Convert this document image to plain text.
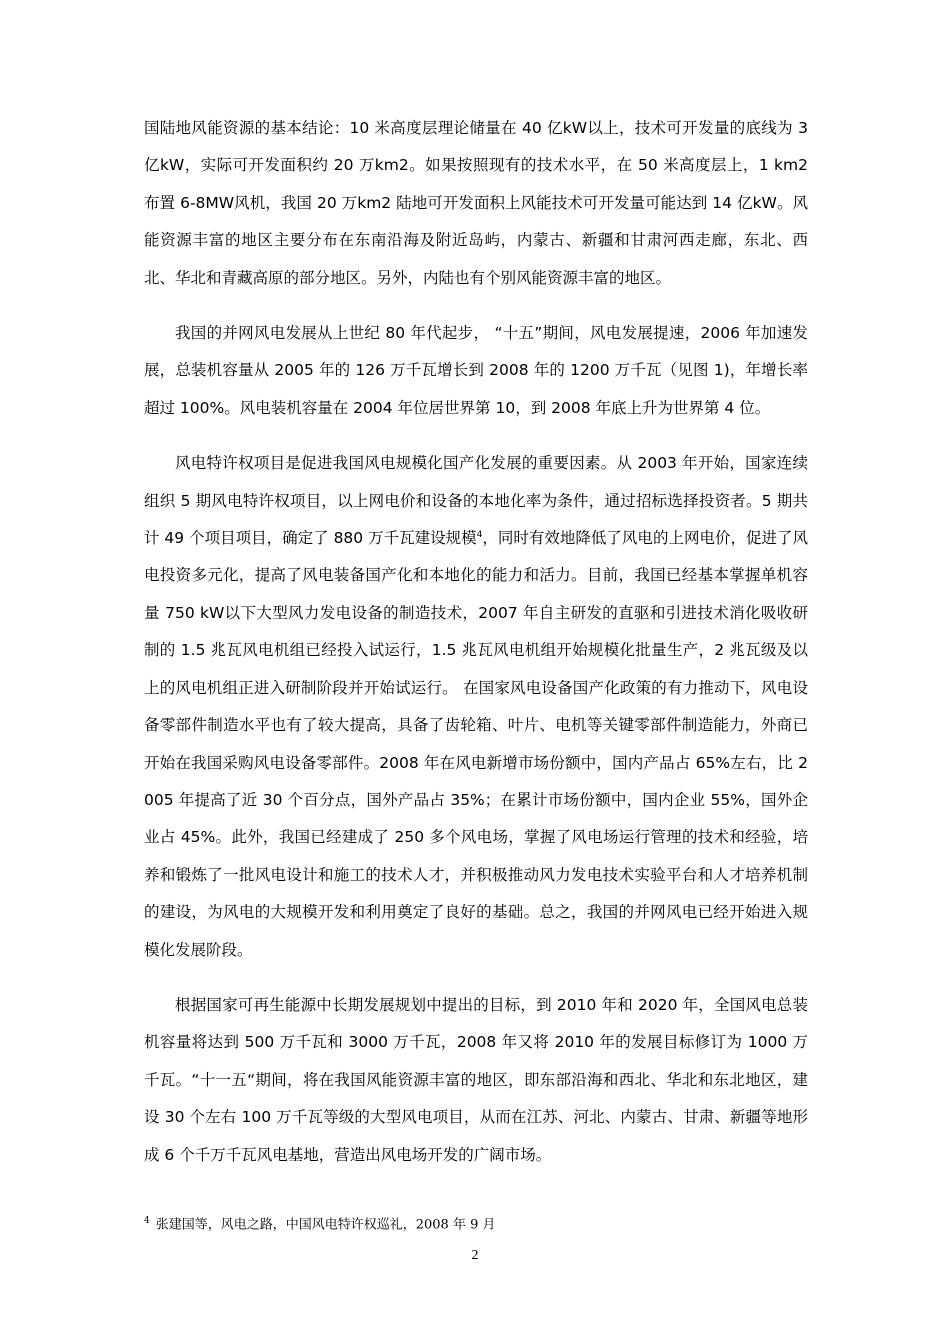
国陆地风能资源的基本结论：10 米高度层理论储量在 40 亿kW以上，技术可开发量的底线为 3 亿kW，实际可开发面积约 20 万km2。如果按照现有的技术水平，在 50 米高度层上，1 km2 布置 6-8MW风机，我国 20 万km2 陆地可开发面积上风能技术可开发量可能达到 14 亿kW。风能资源丰富的地区主要分布在东南沿海及附近岛屿，内蒙古、新疆和甘肃河西走廊，东北、西北、华北和青藏高原的部分地区。另外，内陆也有个别风能资源丰富的地区。

我国的并网风电发展从上世纪 80 年代起步， “十五”期间，风电发展提速，2006 年加速发展，总装机容量从 2005 年的 126 万千瓦增长到 2008 年的 1200 万千瓦（见图 1)，年增长率超过 100%。风电装机容量在 2004 年位居世界第 10，到 2008 年底上升为世界第 4 位。

风电特许权项目是促进我国风电规模化国产化发展的重要因素。从 2003 年开始，国家连续组织 5 期风电特许权项目，以上网电价和设备的本地化率为条件，通过招标选择投资者。5 期共计 49 个项目项目，确定了 880 万千瓦建设规模$^4$，同时有效地降低了风电的上网电价，促进了风电投资多元化，提高了风电装备国产化和本地化的能力和活力。目前，我国已经基本掌握单机容量 750 kW以下大型风力发电设备的制造技术，2007 年自主研发的直驱和引进技术消化吸收研制的 1.5 兆瓦风电机组已经投入试运行，1.5 兆瓦风电机组开始规模化批量生产，2 兆瓦级及以上的风电机组正进入研制阶段并开始试运行。 在国家风电设备国产化政策的有力推动下，风电设备零部件制造水平也有了较大提高，具备了齿轮箱、叶片、电机等关键零部件制造能力，外商已开始在我国采购风电设备零部件。2008 年在风电新增市场份额中，国内产品占 65%左右，比 2005 年提高了近 30 个百分点，国外产品占 35%；在累计市场份额中，国内企业 55%，国外企业占 45%。此外，我国已经建成了 250 多个风电场，掌握了风电场运行管理的技术和经验，培养和锻炼了一批风电设计和施工的技术人才，并积极推动风力发电技术实验平台和人才培养机制的建设，为风电的大规模开发和利用奠定了良好的基础。总之，我国的并网风电已经开始进入规模化发展阶段。

根据国家可再生能源中长期发展规划中提出的目标，到 2010 年和 2020 年，全国风电总装机容量将达到 500 万千瓦和 3000 万千瓦，2008 年又将 2010 年的发展目标修订为 1000 万千瓦。“十一五“期间，将在我国风能资源丰富的地区，即东部沿海和西北、华北和东北地区，建设 30 个左右 100 万千瓦等级的大型风电项目，从而在江苏、河北、内蒙古、甘肃、新疆等地形成 6 个千万千瓦风电基地，营造出风电场开发的广阔市场。

$^4$ 张建国等，风电之路，中国风电特许权巡礼，2008 年 9 月
2
